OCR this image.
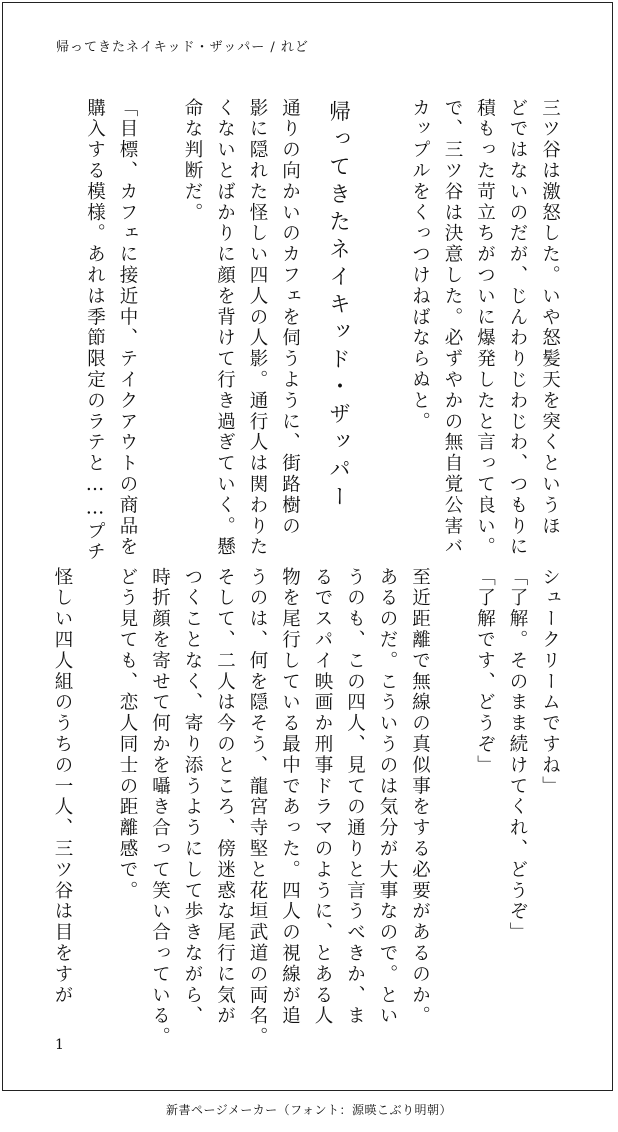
帰ってきたネイキッド・ザッパー / れど

三ツ谷は激怒した。いや怒髪天を突くというほ

どではないのだが、じんわりじわじわ、つもりに

積もった苛立ちがついに爆発したと言って良い。

で、三ツ谷は決意した。必ずやかの無自覚公害バ

カップルをくっつけねばならぬと。

通りの向かいのカフェを伺うように、街路樹の

影に隠れた怪しい四人の人影。通行人は関わりた

くないとばかりに顔を背けて行き過ぎていく。懸

命な判断だ。

「目標、カフェに接近中、テイクアウトの商品を

購入する模様。あれは季節限定のラテと……プチ	帰ってきたネイキッド・ザッパー

シュークリームですね」

「了解。そのまま続けてくれ、どうぞ」

「了解です、どうぞ」

至近距離で無線の真似事をする必要があるのか。

あるのだ。こういうのは気分が大事なので。とい

うのも、この四人、見ての通りと言うべきか、ま

るでスパイ映画か刑事ドラマのように、とある人

物を尾行している最中であった。四人の視線が追

うのは、何を隠そう、龍宮寺堅と花垣武道の両名。

そして、二人は今のところ、傍迷惑な尾行に気が

つくことなく、寄り添うようにして歩きながら、

時折顔を寄せて何かを囁き合って笑い合っている。

どう見ても、恋人同士の距離感で。

怪しい四人組のうちの一人、三ツ谷は目をすが

1
新書ページメーカー（フォント：源暎こぶり明朝）
